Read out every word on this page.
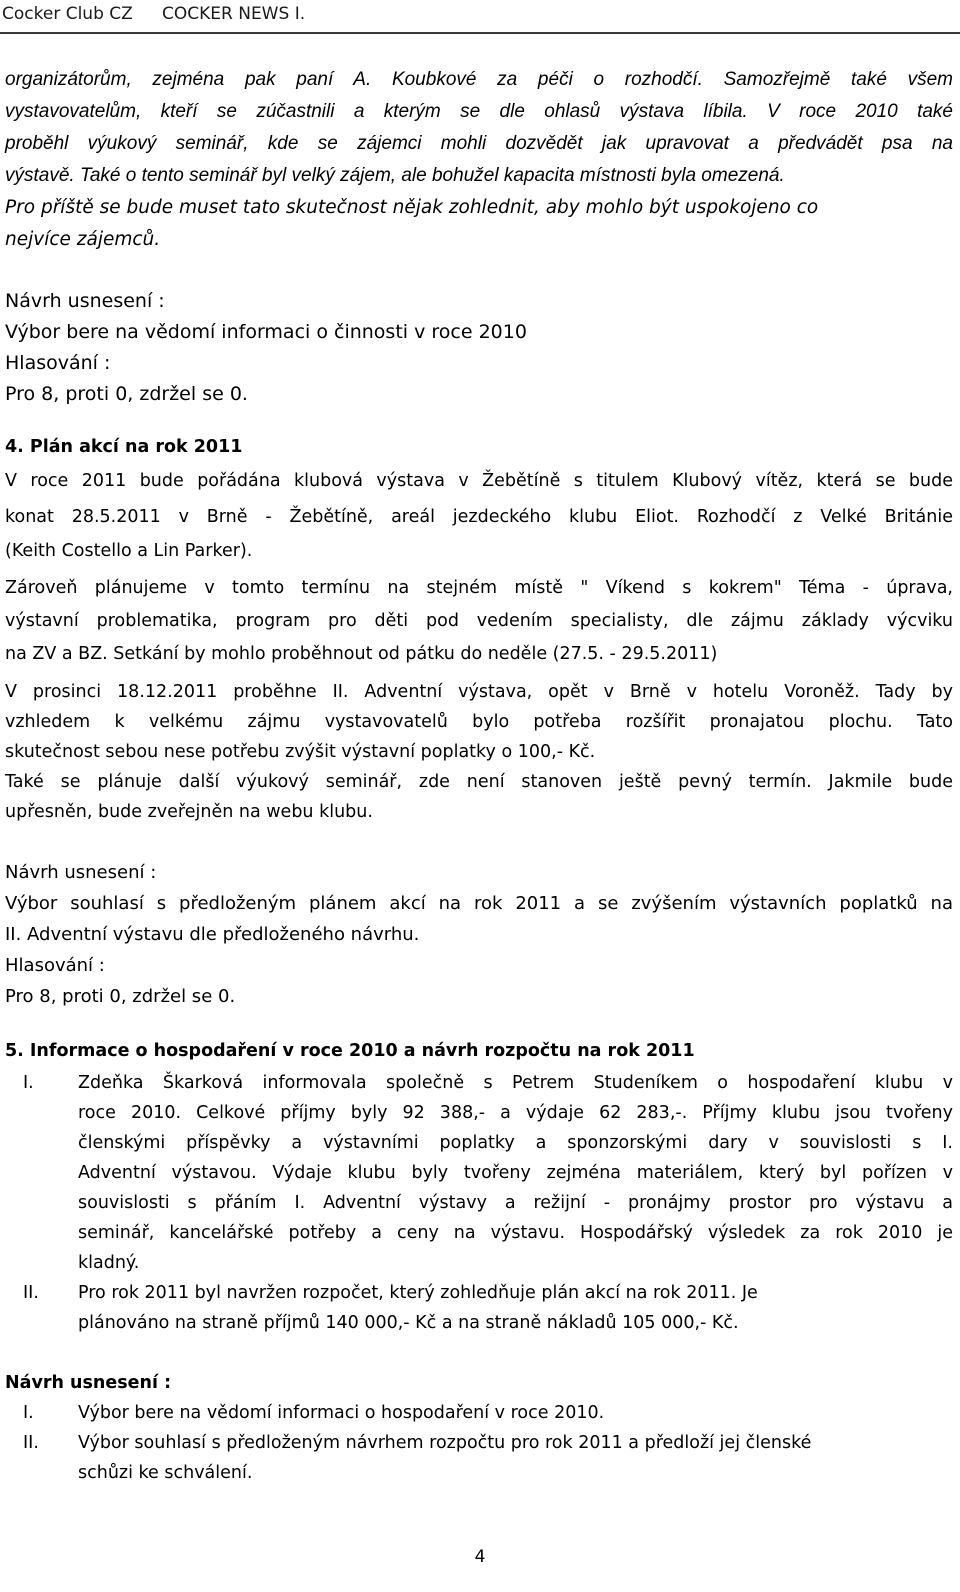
Cocker Club CZ COCKER NEWS I.
organizátorům, zejména pak paní A. Koubkové za péči o rozhodčí. Samozřejmě také všem
vystavovatelům, kteří se zúčastnili a kterým se dle ohlasů výstava líbila. V roce 2010 také
proběhl výukový seminář, kde se zájemci mohli dozvědět jak upravovat a předvádět psa na
výstavě. Také o tento seminář byl velký zájem, ale bohužel kapacita místnosti byla omezená.
Pro příště se bude muset tato skutečnost nějak zohlednit, aby mohlo být uspokojeno co
nejvíce zájemců.
Návrh usnesení :
Výbor bere na vědomí informaci o činnosti v roce 2010
Hlasování :
Pro 8, proti 0, zdržel se 0.
4. Plán akcí na rok 2011
V roce 2011 bude pořádána klubová výstava v Žebětíně s titulem Klubový vítěz, která se bude
konat 28.5.2011 v Brně - Žebětíně, areál jezdeckého klubu Eliot. Rozhodčí z Velké Británie
(Keith Costello a Lin Parker).
Zároveň plánujeme v tomto termínu na stejném místě " Víkend s kokrem" Téma - úprava,
výstavní problematika, program pro děti pod vedením specialisty, dle zájmu základy výcviku
na ZV a BZ. Setkání by mohlo proběhnout od pátku do neděle (27.5. - 29.5.2011)
V prosinci 18.12.2011 proběhne II. Adventní výstava, opět v Brně v hotelu Voroněž. Tady by
vzhledem k velkému zájmu vystavovatelů bylo potřeba rozšířit pronajatou plochu. Tato
skutečnost sebou nese potřebu zvýšit výstavní poplatky o 100,- Kč.
Také se plánuje další výukový seminář, zde není stanoven ještě pevný termín. Jakmile bude
upřesněn, bude zveřejněn na webu klubu.
Návrh usnesení :
Výbor souhlasí s předloženým plánem akcí na rok 2011 a se zvýšením výstavních poplatků na
II. Adventní výstavu dle předloženého návrhu.
Hlasování :
Pro 8, proti 0, zdržel se 0.
5. Informace o hospodaření v roce 2010 a návrh rozpočtu na rok 2011
I.	Zdeňka Škarková informovala společně s Petrem Studeníkem o hospodaření klubu v
roce 2010. Celkové příjmy byly 92 388,- a výdaje 62 283,-. Příjmy klubu jsou tvořeny
členskými příspěvky a výstavními poplatky a sponzorskými dary v souvislosti s I.
Adventní výstavou. Výdaje klubu byly tvořeny zejména materiálem, který byl pořízen v
souvislosti s přáním I. Adventní výstavy a režijní - pronájmy prostor pro výstavu a
seminář, kancelářské potřeby a ceny na výstavu. Hospodářský výsledek za rok 2010 je
kladný.
II. Pro rok 2011 byl navržen rozpočet, který zohledňuje plán akcí na rok 2011. Je
plánováno na straně příjmů 140 000,- Kč a na straně nákladů 105 000,- Kč.
Návrh usnesení :
I.	Výbor bere na vědomí informaci o hospodaření v roce 2010.
II. Výbor souhlasí s předloženým návrhem rozpočtu pro rok 2011 a předloží jej členské
schůzi ke schválení.
4
